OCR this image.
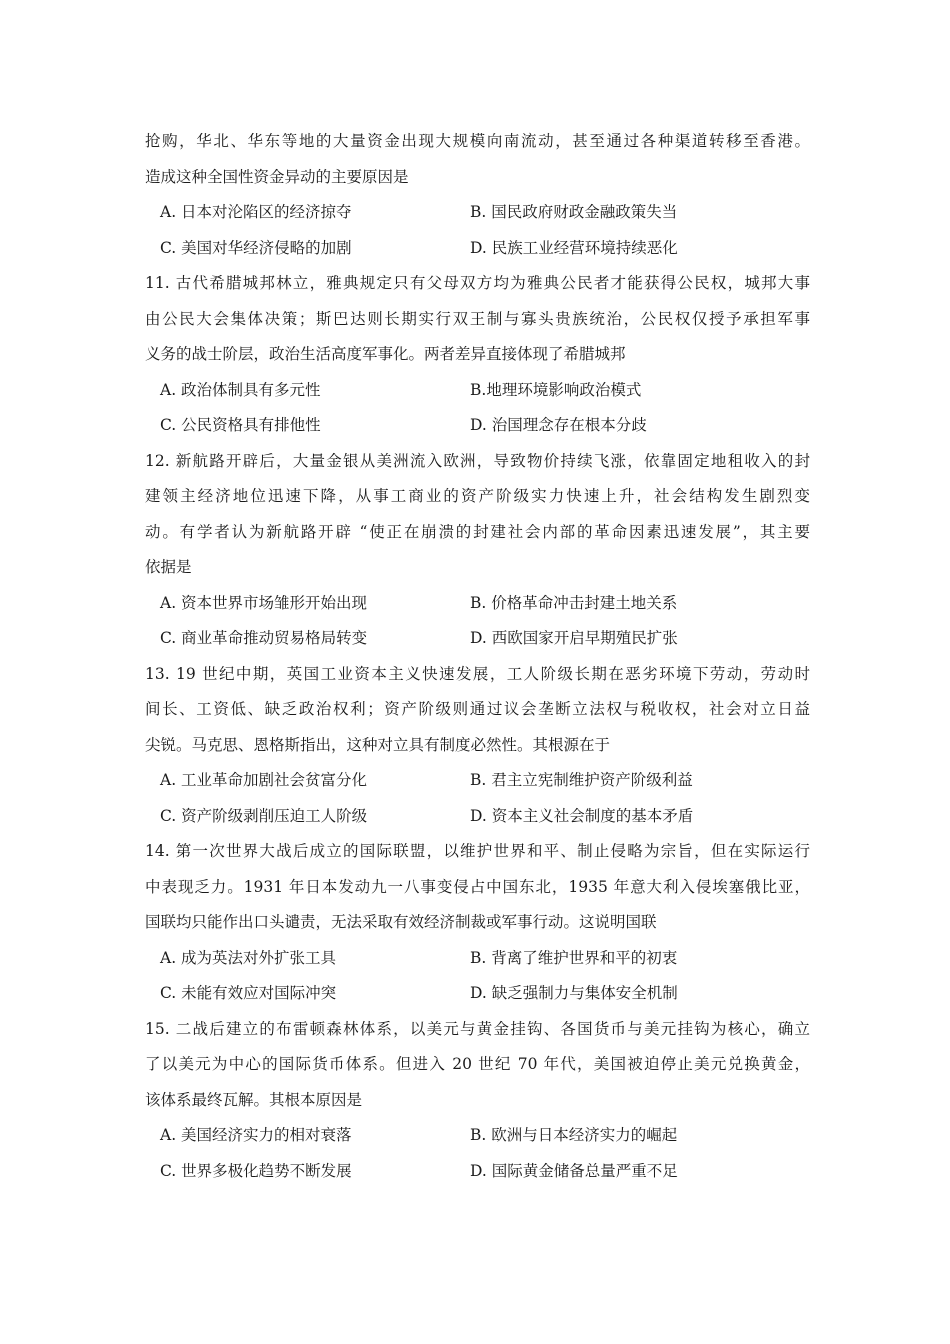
抢购，华北、华东等地的大量资金出现大规模向南流动，甚至通过各种渠道转移至香港。
造成这种全国性资金异动的主要原因是
A. 日本对沦陷区的经济掠夺	B. 国民政府财政金融政策失当
C. 美国对华经济侵略的加剧	D. 民族工业经营环境持续恶化
11. 古代希腊城邦林立，雅典规定只有父母双方均为雅典公民者才能获得公民权，城邦大事
由公民大会集体决策；斯巴达则长期实行双王制与寡头贵族统治，公民权仅授予承担军事
义务的战士阶层，政治生活高度军事化。两者差异直接体现了希腊城邦
A. 政治体制具有多元性	B.地理环境影响政治模式
C. 公民资格具有排他性	D. 治国理念存在根本分歧
12. 新航路开辟后，大量金银从美洲流入欧洲，导致物价持续飞涨，依靠固定地租收入的封
建领主经济地位迅速下降，从事工商业的资产阶级实力快速上升，社会结构发生剧烈变
动。有学者认为新航路开辟 “使正在崩溃的封建社会内部的革命因素迅速发展”，其主要
依据是
A. 资本世界市场雏形开始出现	B. 价格革命冲击封建土地关系
C. 商业革命推动贸易格局转变	D. 西欧国家开启早期殖民扩张
13. 19 世纪中期，英国工业资本主义快速发展，工人阶级长期在恶劣环境下劳动，劳动时
间长、工资低、缺乏政治权利；资产阶级则通过议会垄断立法权与税收权，社会对立日益
尖锐。马克思、恩格斯指出，这种对立具有制度必然性。其根源在于
A. 工业革命加剧社会贫富分化	B. 君主立宪制维护资产阶级利益
C. 资产阶级剥削压迫工人阶级	D. 资本主义社会制度的基本矛盾
14. 第一次世界大战后成立的国际联盟，以维护世界和平、制止侵略为宗旨，但在实际运行
中表现乏力。1931 年日本发动九一八事变侵占中国东北，1935 年意大利入侵埃塞俄比亚，
国联均只能作出口头谴责，无法采取有效经济制裁或军事行动。这说明国联
A. 成为英法对外扩张工具	B. 背离了维护世界和平的初衷
C. 未能有效应对国际冲突	D. 缺乏强制力与集体安全机制
15. 二战后建立的布雷顿森林体系，以美元与黄金挂钩、各国货币与美元挂钩为核心，确立
了以美元为中心的国际货币体系。但进入 20 世纪 70 年代，美国被迫停止美元兑换黄金，
该体系最终瓦解。其根本原因是
A. 美国经济实力的相对衰落	B. 欧洲与日本经济实力的崛起
C. 世界多极化趋势不断发展	D. 国际黄金储备总量严重不足
